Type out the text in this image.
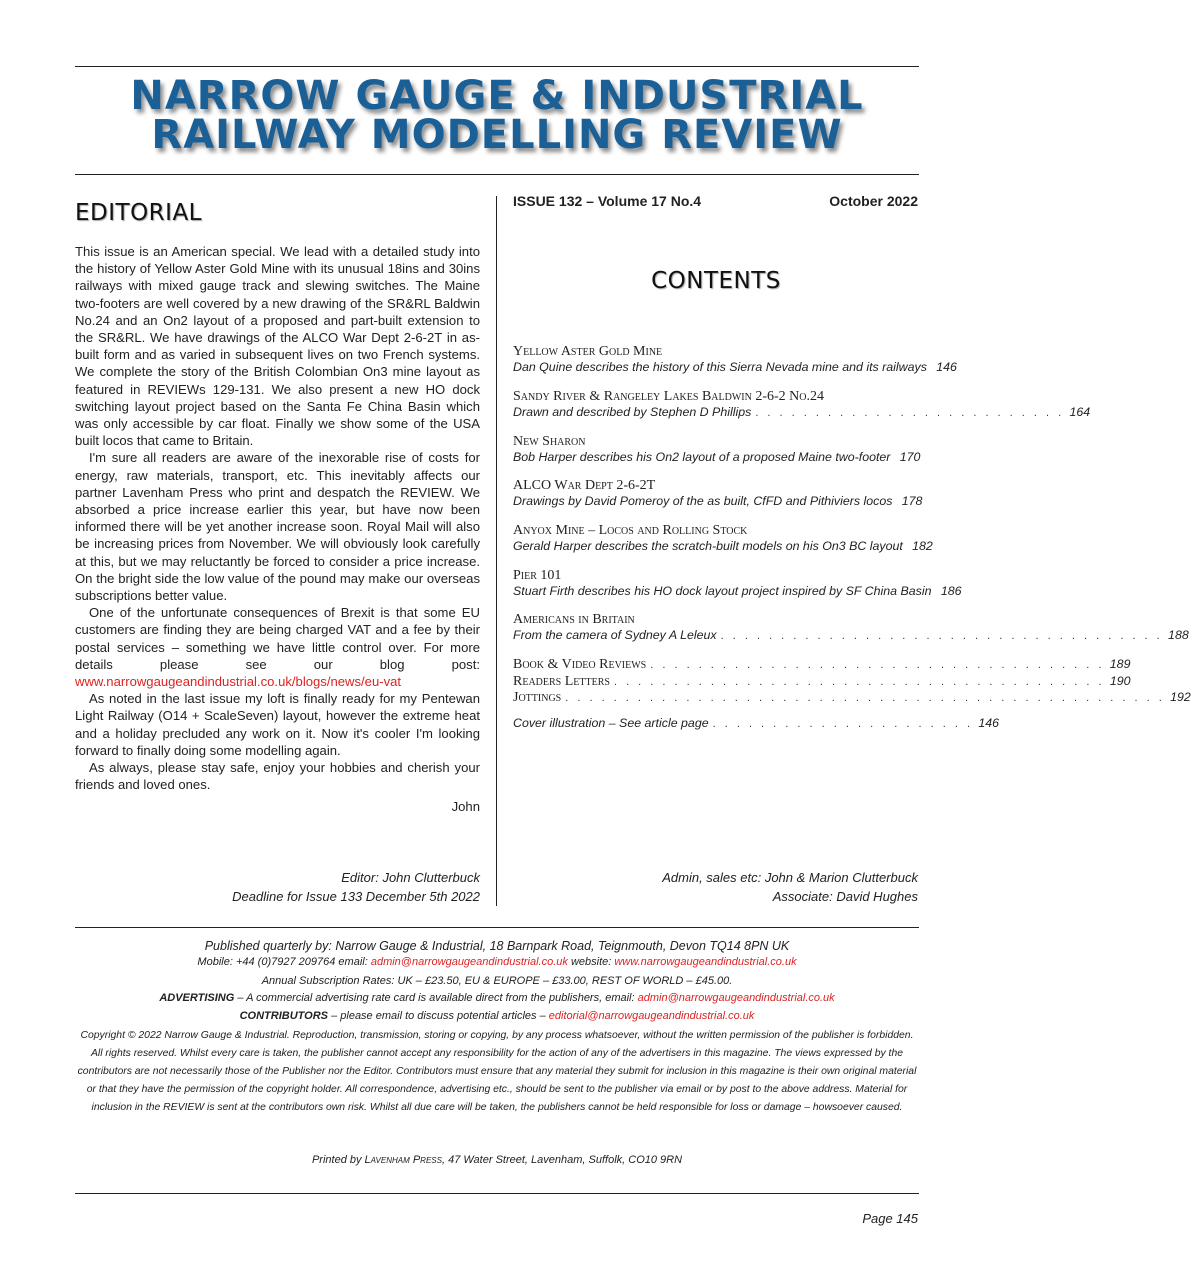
NARROW GAUGE & INDUSTRIAL
RAILWAY MODELLING REVIEW
EDITORIAL

This issue is an American special. We lead with a detailed study into the history of Yellow Aster Gold Mine with its unusual 18ins and 30ins railways with mixed gauge track and slewing switches. The Maine two-footers are well covered by a new drawing of the SR&RL Baldwin No.24 and an On2 layout of a proposed and part-built extension to the SR&RL. We have drawings of the ALCO War Dept 2-6-2T in as-built form and as varied in subsequent lives on two French systems. We complete the story of the British Colombian On3 mine layout as featured in REVIEWs 129-131. We also present a new HO dock switching layout project based on the Santa Fe China Basin which was only accessible by car float. Finally we show some of the USA built locos that came to Britain.

I'm sure all readers are aware of the inexorable rise of costs for energy, raw materials, transport, etc. This inevitably affects our partner Lavenham Press who print and despatch the REVIEW. We absorbed a price increase earlier this year, but have now been informed there will be yet another increase soon. Royal Mail will also be increasing prices from November. We will obviously look carefully at this, but we may reluctantly be forced to consider a price increase. On the bright side the low value of the pound may make our overseas subscriptions better value.

One of the unfortunate consequences of Brexit is that some EU customers are finding they are being charged VAT and a fee by their postal services – something we have little control over. For more details please see our blog post: www.narrowgaugeandindustrial.co.uk/blogs/news/eu-vat

As noted in the last issue my loft is finally ready for my Pentewan Light Railway (O14 + ScaleSeven) layout, however the extreme heat and a holiday precluded any work on it. Now it's cooler I'm looking forward to finally doing some modelling again.

As always, please stay safe, enjoy your hobbies and cherish your friends and loved ones.

John
Editor: John Clutterbuck
Deadline for Issue 133 December 5th 2022
ISSUE 132 – Volume 17 No.4	October 2022
CONTENTS
Yellow Aster Gold Mine
Dan Quine describes the history of this Sierra Nevada mine and its railways 146
Sandy River & Rangeley Lakes Baldwin 2-6-2 No.24
Drawn and described by Stephen D Phillips . . . . . . . . . . . . . . . . . . . . . . . . . . 164
New Sharon
Bob Harper describes his On2 layout of a proposed Maine two-footer 170
ALCO War Dept 2-6-2T
Drawings by David Pomeroy of the as built, CfFD and Pithiviers locos 178
Anyox Mine – Locos and Rolling Stock
Gerald Harper describes the scratch-built models on his On3 BC layout 182
Pier 101
Stuart Firth describes his HO dock layout project inspired by SF China Basin 186
Americans in Britain
From the camera of Sydney A Leleux . . . . . . . . . . . . . . . . . . . . . . . . . . . . . . . . . . . . . 188
Book & Video Reviews . . . . . . . . . . . . . . . . . . . . . . . . . . . . . . . . . . . . . . 189
Readers Letters . . . . . . . . . . . . . . . . . . . . . . . . . . . . . . . . . . . . . . . . . 190
Jottings . . . . . . . . . . . . . . . . . . . . . . . . . . . . . . . . . . . . . . . . . . . . . . . . . . 192
Cover illustration – See article page . . . . . . . . . . . . . . . . . . . . . . 146
Admin, sales etc: John & Marion Clutterbuck
Associate: David Hughes
Published quarterly by: Narrow Gauge & Industrial, 18 Barnpark Road, Teignmouth, Devon TQ14 8PN UK
Mobile: +44 (0)7927 209764 email: admin@narrowgaugeandindustrial.co.uk website: www.narrowgaugeandindustrial.co.uk
Annual Subscription Rates: UK – £23.50, EU & EUROPE – £33.00, REST OF WORLD – £45.00.
ADVERTISING – A commercial advertising rate card is available direct from the publishers, email: admin@narrowgaugeandindustrial.co.uk
CONTRIBUTORS – please email to discuss potential articles – editorial@narrowgaugeandindustrial.co.uk
Copyright © 2022 Narrow Gauge & Industrial. Reproduction, transmission, storing or copying, by any process whatsoever, without the written permission of the publisher is forbidden. All rights reserved. Whilst every care is taken, the publisher cannot accept any responsibility for the action of any of the advertisers in this magazine. The views expressed by the contributors are not necessarily those of the Publisher nor the Editor. Contributors must ensure that any material they submit for inclusion in this magazine is their own original material or that they have the permission of the copyright holder. All correspondence, advertising etc., should be sent to the publisher via email or by post to the above address. Material for inclusion in the REVIEW is sent at the contributors own risk. Whilst all due care will be taken, the publishers cannot be held responsible for loss or damage – howsoever caused.
Printed by Lavenham Press, 47 Water Street, Lavenham, Suffolk, CO10 9RN
Page 145
